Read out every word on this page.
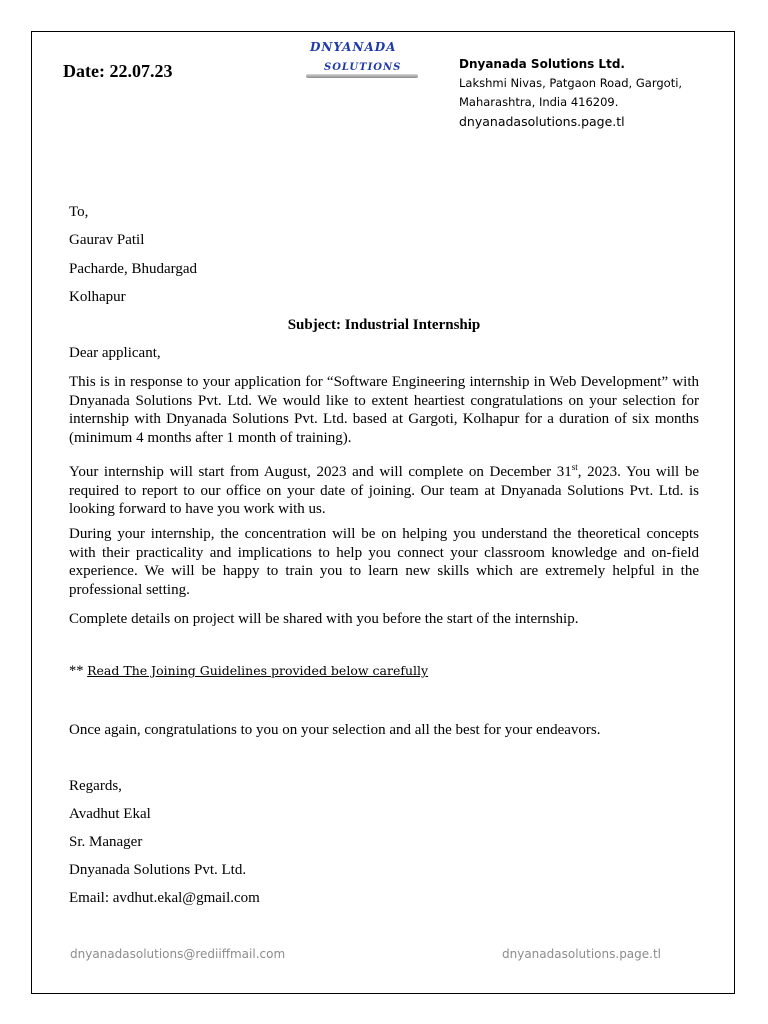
Date: 22.07.23
DNYANADA
SOLUTIONS	Dnyanada Solutions Ltd.
Lakshmi Nivas, Patgaon Road, Gargoti,
Maharashtra, India 416209.
dnyanadasolutions.page.tl
To,
Gaurav Patil
Pacharde, Bhudargad
Kolhapur
Subject: Industrial Internship
Dear applicant,
This is in response to your application for “Software Engineering internship in Web Development” with Dnyanada Solutions Pvt. Ltd. We would like to extent heartiest congratulations on your selection for internship with Dnyanada Solutions Pvt. Ltd. based at Gargoti, Kolhapur for a duration of six months (minimum 4 months after 1 month of training).
Your internship will start from August, 2023 and will complete on December 31st, 2023. You will be required to report to our office on your date of joining. Our team at Dnyanada Solutions Pvt. Ltd. is looking forward to have you work with us.
During your internship, the concentration will be on helping you understand the theoretical concepts with their practicality and implications to help you connect your classroom knowledge and on-field experience. We will be happy to train you to learn new skills which are extremely helpful in the professional setting.
Complete details on project will be shared with you before the start of the internship.
** Read The Joining Guidelines provided below carefully
Once again, congratulations to you on your selection and all the best for your endeavors.
Regards,
Avadhut Ekal
Sr. Manager
Dnyanada Solutions Pvt. Ltd.
Email: avdhut.ekal@gmail.com
dnyanadasolutions@rediiffmail.com	dnyanadasolutions.page.tl
